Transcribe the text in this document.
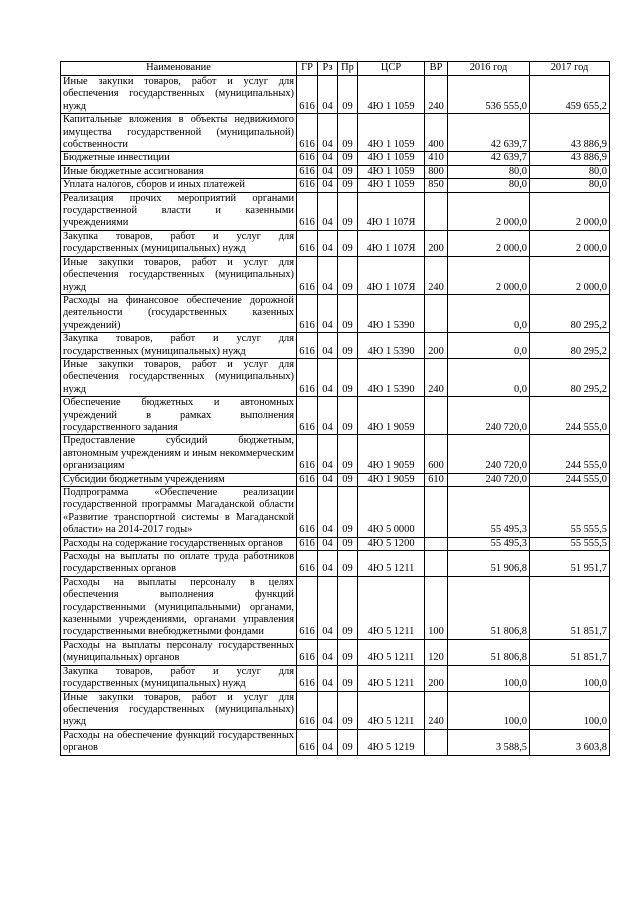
Наименование	ГР	Рз	Пр	ЦСР	ВР	2016 год	2017 год
Иные закупки товаров, работ и услуг для обеспечения государственных (муниципальных) нужд	616	04	09	4Ю 1 1059	240	536 555,0	459 655,2
Капитальные вложения в объекты недвижимого имущества государственной (муниципальной) собственности	616	04	09	4Ю 1 1059	400	42 639,7	43 886,9
Бюджетные инвестиции	616	04	09	4Ю 1 1059	410	42 639,7	43 886,9
Иные бюджетные ассигнования	616	04	09	4Ю 1 1059	800	80,0	80,0
Уплата налогов, сборов и иных платежей	616	04	09	4Ю 1 1059	850	80,0	80,0
Реализация прочих мероприятий органами государственной власти и казенными учреждениями	616	04	09	4Ю 1 107Я		2 000,0	2 000,0
Закупка товаров, работ и услуг для государственных (муниципальных) нужд	616	04	09	4Ю 1 107Я	200	2 000,0	2 000,0
Иные закупки товаров, работ и услуг для обеспечения государственных (муниципальных) нужд	616	04	09	4Ю 1 107Я	240	2 000,0	2 000,0
Расходы на финансовое обеспечение дорожной деятельности (государственных казенных учреждений)	616	04	09	4Ю 1 5390		0,0	80 295,2
Закупка товаров, работ и услуг для государственных (муниципальных) нужд	616	04	09	4Ю 1 5390	200	0,0	80 295,2
Иные закупки товаров, работ и услуг для обеспечения государственных (муниципальных) нужд	616	04	09	4Ю 1 5390	240	0,0	80 295,2
Обеспечение бюджетных и автономных учреждений в рамках выполнения государственного задания	616	04	09	4Ю 1 9059		240 720,0	244 555,0
Предоставление субсидий бюджетным, автономным учреждениям и иным некоммерческим организациям	616	04	09	4Ю 1 9059	600	240 720,0	244 555,0
Субсидии бюджетным учреждениям	616	04	09	4Ю 1 9059	610	240 720,0	244 555,0
Подпрограмма «Обеспечение реализации государственной программы Магаданской области «Развитие транспортной системы в Магаданской области» на 2014-2017 годы»	616	04	09	4Ю 5 0000		55 495,3	55 555,5
Расходы на содержание государственных органов	616	04	09	4Ю 5 1200		55 495,3	55 555,5
Расходы на выплаты по оплате труда работников государственных органов	616	04	09	4Ю 5 1211		51 906,8	51 951,7
Расходы на выплаты персоналу в целях обеспечения выполнения функций государственными (муниципальными) органами, казенными учреждениями, органами управления государственными внебюджетными фондами	616	04	09	4Ю 5 1211	100	51 806,8	51 851,7
Расходы на выплаты персоналу государственных (муниципальных) органов	616	04	09	4Ю 5 1211	120	51 806,8	51 851,7
Закупка товаров, работ и услуг для государственных (муниципальных) нужд	616	04	09	4Ю 5 1211	200	100,0	100,0
Иные закупки товаров, работ и услуг для обеспечения государственных (муниципальных) нужд	616	04	09	4Ю 5 1211	240	100,0	100,0
Расходы на обеспечение функций государственных органов	616	04	09	4Ю 5 1219		3 588,5	3 603,8
